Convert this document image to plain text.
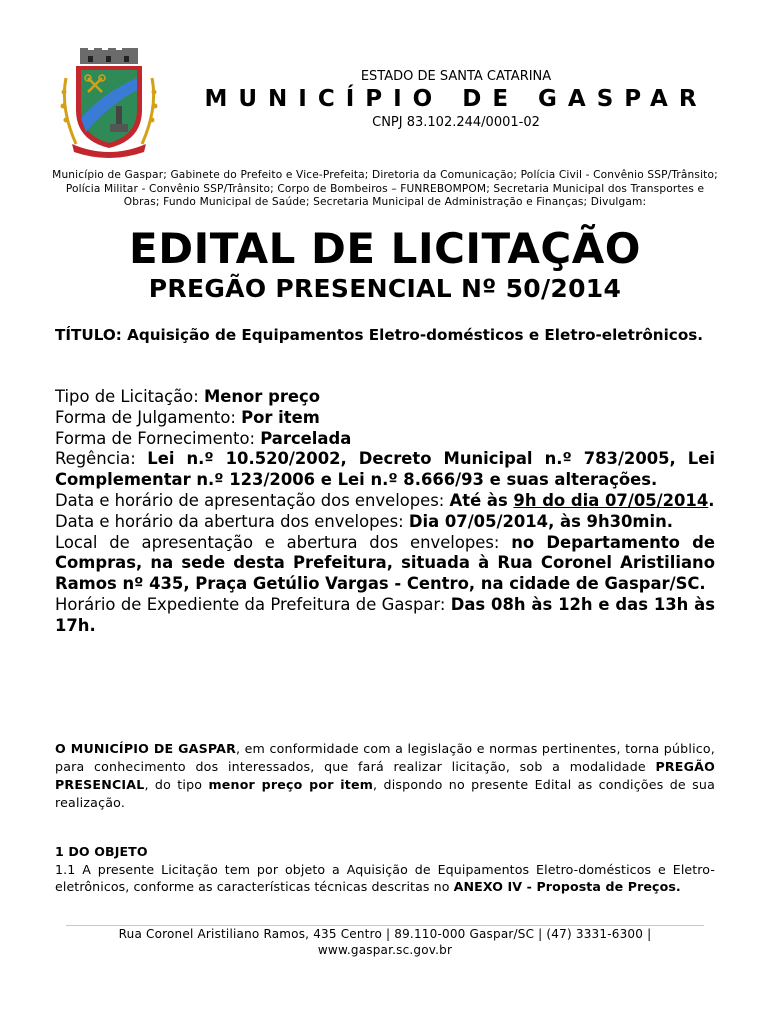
ESTADO DE SANTA CATARINA
MUNICÍPIO DE GASPAR
CNPJ 83.102.244/0001-02
Município de Gaspar; Gabinete do Prefeito e Vice-Prefeita; Diretoria da Comunicação; Polícia Civil - Convênio SSP/Trânsito; Polícia Militar - Convênio SSP/Trânsito; Corpo de Bombeiros – FUNREBOMPOM; Secretaria Municipal dos Transportes e Obras; Fundo Municipal de Saúde; Secretaria Municipal de Administração e Finanças; Divulgam:
EDITAL DE LICITAÇÃO
PREGÃO PRESENCIAL Nº 50/2014
TÍTULO: Aquisição de Equipamentos Eletro-domésticos e Eletro-eletrônicos.

Tipo de Licitação: Menor preço

Forma de Julgamento: Por item

Forma de Fornecimento: Parcelada

Regência: Lei n.º 10.520/2002, Decreto Municipal n.º 783/2005, Lei Complementar n.º 123/2006 e Lei n.º 8.666/93 e suas alterações.

Data e horário de apresentação dos envelopes: Até às 9h do dia 07/05/2014.

Data e horário da abertura dos envelopes: Dia 07/05/2014, às 9h30min.

Local de apresentação e abertura dos envelopes: no Departamento de Compras, na sede desta Prefeitura, situada à Rua Coronel Aristiliano Ramos nº 435, Praça Getúlio Vargas - Centro, na cidade de Gaspar/SC.

Horário de Expediente da Prefeitura de Gaspar: Das 08h às 12h e das 13h às 17h.

O MUNICÍPIO DE GASPAR, em conformidade com a legislação e normas pertinentes, torna público, para conhecimento dos interessados, que fará realizar licitação, sob a modalidade PREGÃO PRESENCIAL, do tipo menor preço por item, dispondo no presente Edital as condições de sua realização.
1 DO OBJETO
1.1 A presente Licitação tem por objeto a Aquisição de Equipamentos Eletro-domésticos e Eletro-eletrônicos, conforme as características técnicas descritas no ANEXO IV - Proposta de Preços.
Rua Coronel Aristiliano Ramos, 435 Centro | 89.110-000 Gaspar/SC | (47) 3331-6300 |
www.gaspar.sc.gov.br
